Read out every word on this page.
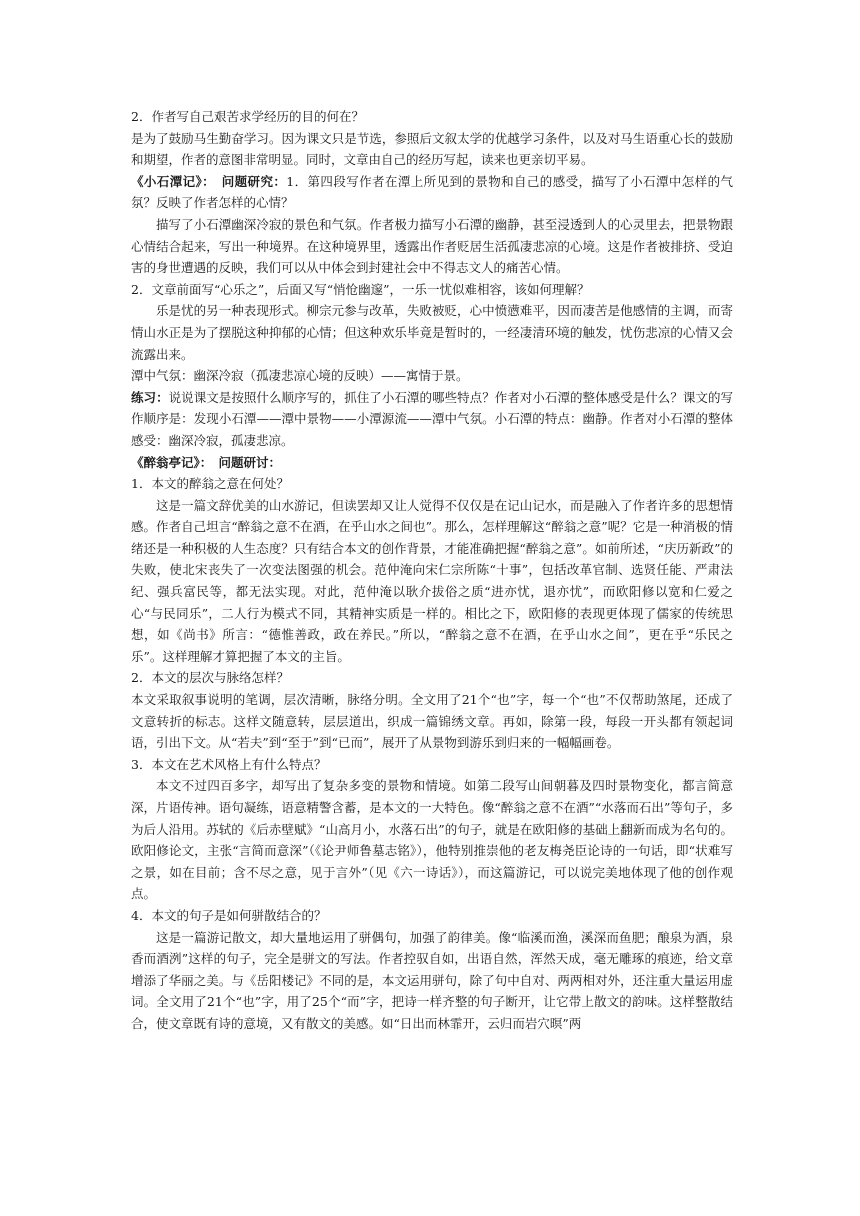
2．作者写自己艰苦求学经历的目的何在？

是为了鼓励马生勤奋学习。因为课文只是节选，参照后文叙太学的优越学习条件，以及对马生语重心长的鼓励和期望，作者的意图非常明显。同时，文章由自己的经历写起，读来也更亲切平易。

《小石潭记》：　问题研究：1．第四段写作者在潭上所见到的景物和自己的感受，描写了小石潭中怎样的气氛？反映了作者怎样的心情？

描写了小石潭幽深冷寂的景色和气氛。作者极力描写小石潭的幽静，甚至浸透到人的心灵里去，把景物跟心情结合起来，写出一种境界。在这种境界里，透露出作者贬居生活孤凄悲凉的心境。这是作者被排挤、受迫害的身世遭遇的反映，我们可以从中体会到封建社会中不得志文人的痛苦心情。

2．文章前面写“心乐之”，后面又写“悄怆幽邃”，一乐一忧似难相容，该如何理解？

乐是忧的另一种表现形式。柳宗元参与改革，失败被贬，心中愤懑难平，因而凄苦是他感情的主调，而寄情山水正是为了摆脱这种抑郁的心情；但这种欢乐毕竟是暂时的，一经凄清环境的触发，忧伤悲凉的心情又会流露出来。

潭中气氛：幽深冷寂（孤凄悲凉心境的反映）——寓情于景。

练习：说说课文是按照什么顺序写的，抓住了小石潭的哪些特点？作者对小石潭的整体感受是什么？课文的写作顺序是：发现小石潭——潭中景物——小潭源流——潭中气氛。小石潭的特点：幽静。作者对小石潭的整体感受：幽深冷寂，孤凄悲凉。

《醉翁亭记》：　问题研讨：

1．本文的醉翁之意在何处？

这是一篇文辞优美的山水游记，但读罢却又让人觉得不仅仅是在记山记水，而是融入了作者许多的思想情感。作者自己坦言“醉翁之意不在酒，在乎山水之间也”。那么，怎样理解这“醉翁之意”呢？它是一种消极的情绪还是一种积极的人生态度？只有结合本文的创作背景，才能准确把握“醉翁之意”。如前所述，“庆历新政”的失败，使北宋丧失了一次变法图强的机会。范仲淹向宋仁宗所陈“十事”，包括改革官制、选贤任能、严肃法纪、强兵富民等，都无法实现。对此，范仲淹以耿介拔俗之质“进亦忧，退亦忧”，而欧阳修以宽和仁爱之心“与民同乐”，二人行为模式不同，其精神实质是一样的。相比之下，欧阳修的表现更体现了儒家的传统思想，如《尚书》所言：“德惟善政，政在养民。”所以，“醉翁之意不在酒，在乎山水之间”，更在乎“乐民之乐”。这样理解才算把握了本文的主旨。

2．本文的层次与脉络怎样？

本文采取叙事说明的笔调，层次清晰，脉络分明。全文用了21个“也”字，每一个“也”不仅帮助煞尾，还成了文意转折的标志。这样文随意转，层层道出，织成一篇锦绣文章。再如，除第一段，每段一开头都有领起词语，引出下文。从“若夫”到“至于”到“已而”，展开了从景物到游乐到归来的一幅幅画卷。

3．本文在艺术风格上有什么特点？

本文不过四百多字，却写出了复杂多变的景物和情境。如第二段写山间朝暮及四时景物变化，都言简意深，片语传神。语句凝练，语意精警含蓄，是本文的一大特色。像“醉翁之意不在酒”“水落而石出”等句子，多为后人沿用。苏轼的《后赤壁赋》“山高月小，水落石出”的句子，就是在欧阳修的基础上翻新而成为名句的。欧阳修论文，主张“言简而意深”（《论尹师鲁墓志铭》），他特别推崇他的老友梅尧臣论诗的一句话，即“状难写之景，如在目前；含不尽之意，见于言外”（见《六一诗话》），而这篇游记，可以说完美地体现了他的创作观点。

4．本文的句子是如何骈散结合的？

这是一篇游记散文，却大量地运用了骈偶句，加强了韵律美。像“临溪而渔，溪深而鱼肥；酿泉为酒，泉香而酒洌”这样的句子，完全是骈文的写法。作者控驭自如，出语自然，浑然天成，毫无雕琢的痕迹，给文章增添了华丽之美。与《岳阳楼记》不同的是，本文运用骈句，除了句中自对、两两相对外，还注重大量运用虚词。全文用了21个“也”字，用了25个“而”字，把诗一样齐整的句子断开，让它带上散文的韵味。这样整散结合，使文章既有诗的意境，又有散文的美感。如“日出而林霏开，云归而岩穴暝”两
